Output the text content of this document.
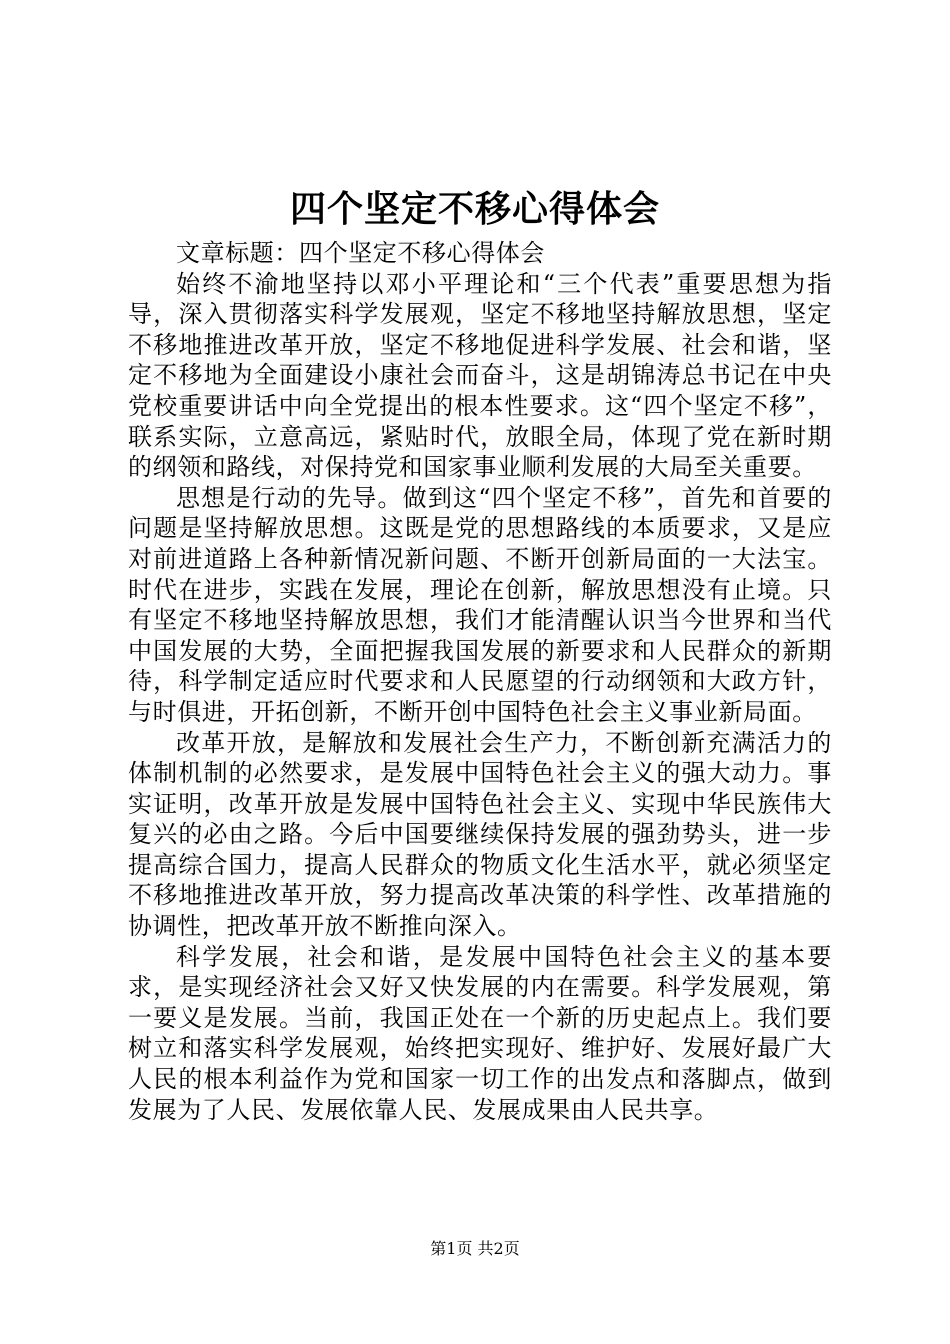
四个坚定不移心得体会

文章标题：四个坚定不移心得体会

始终不渝地坚持以邓小平理论和“三个代表”重要思想为指导，深入贯彻落实科学发展观，坚定不移地坚持解放思想，坚定不移地推进改革开放，坚定不移地促进科学发展、社会和谐，坚定不移地为全面建设小康社会而奋斗，这是胡锦涛总书记在中央党校重要讲话中向全党提出的根本性要求。这“四个坚定不移”，联系实际，立意高远，紧贴时代，放眼全局，体现了党在新时期的纲领和路线，对保持党和国家事业顺利发展的大局至关重要。

思想是行动的先导。做到这“四个坚定不移”，首先和首要的问题是坚持解放思想。这既是党的思想路线的本质要求，又是应对前进道路上各种新情况新问题、不断开创新局面的一大法宝。时代在进步，实践在发展，理论在创新，解放思想没有止境。只有坚定不移地坚持解放思想，我们才能清醒认识当今世界和当代中国发展的大势，全面把握我国发展的新要求和人民群众的新期待，科学制定适应时代要求和人民愿望的行动纲领和大政方针，与时俱进，开拓创新，不断开创中国特色社会主义事业新局面。

改革开放，是解放和发展社会生产力，不断创新充满活力的体制机制的必然要求，是发展中国特色社会主义的强大动力。事实证明，改革开放是发展中国特色社会主义、实现中华民族伟大复兴的必由之路。今后中国要继续保持发展的强劲势头，进一步提高综合国力，提高人民群众的物质文化生活水平，就必须坚定不移地推进改革开放，努力提高改革决策的科学性、改革措施的协调性，把改革开放不断推向深入。

科学发展，社会和谐，是发展中国特色社会主义的基本要求，是实现经济社会又好又快发展的内在需要。科学发展观，第一要义是发展。当前，我国正处在一个新的历史起点上。我们要树立和落实科学发展观，始终把实现好、维护好、发展好最广大人民的根本利益作为党和国家一切工作的出发点和落脚点，做到发展为了人民、发展依靠人民、发展成果由人民共享。

第1页 共2页
